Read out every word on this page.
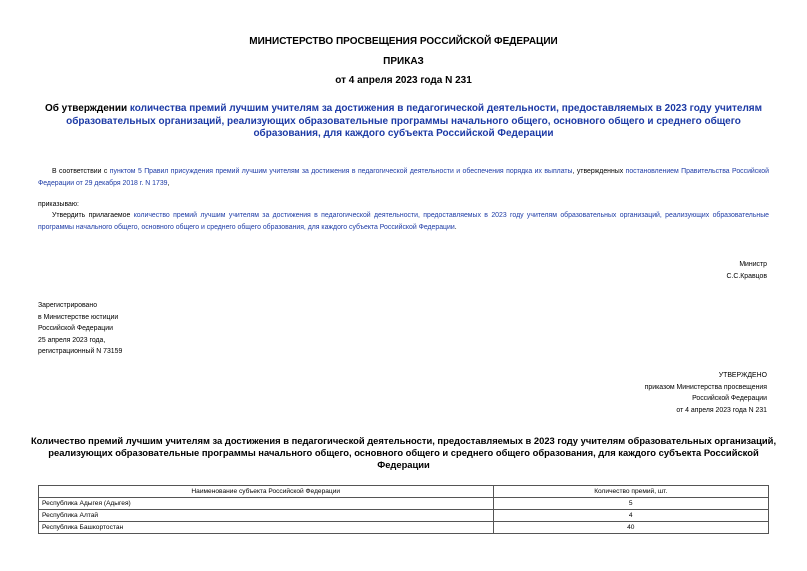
МИНИСТЕРСТВО ПРОСВЕЩЕНИЯ РОССИЙСКОЙ ФЕДЕРАЦИИ
ПРИКАЗ
от 4 апреля 2023 года N 231
Об утверждении количества премий лучшим учителям за достижения в педагогической деятельности, предоставляемых в 2023 году учителям образовательных организаций, реализующих образовательные программы начального общего, основного общего и среднего общего образования, для каждого субъекта Российской Федерации
В соответствии с пунктом 5 Правил присуждения премий лучшим учителям за достижения в педагогической деятельности и обеспечения порядка их выплаты, утвержденных постановлением Правительства Российской Федерации от 29 декабря 2018 г. N 1739,
приказываю:
Утвердить прилагаемое количество премий лучшим учителям за достижения в педагогической деятельности, предоставляемых в 2023 году учителям образовательных организаций, реализующих образовательные программы начального общего, основного общего и среднего общего образования, для каждого субъекта Российской Федерации.
Министр
С.С.Кравцов
Зарегистрировано
в Министерстве юстиции
Российской Федерации
25 апреля 2023 года,
регистрационный N 73159
УТВЕРЖДЕНО
приказом Министерства просвещения
Российской Федерации
от 4 апреля 2023 года N 231
Количество премий лучшим учителям за достижения в педагогической деятельности, предоставляемых в 2023 году учителям образовательных организаций, реализующих образовательные программы начального общего, основного общего и среднего общего образования, для каждого субъекта Российской Федерации
Наименование субъекта Российской Федерации	Количество премий, шт.
Республика Адыгея (Адыгея)	5
Республика Алтай	4
Республика Башкортостан	40
